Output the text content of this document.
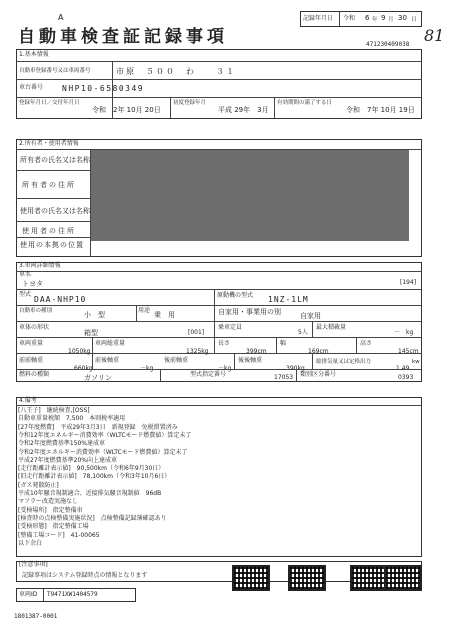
A
自動車検査証記録事項
記録年月日 令和 6 年 9 月 30 日
81
471230409038
1.基本情報
自動車登録番号又は車両番号	市原　５００　わ　　３１
車台番号 NHP10-6580349
登録年月日／交付年月日
令和　2年 10月 20日
初度登録年月
平成 29年　3月
有効期間の満了する日
令和　7年 10月 19日
2.所有者・使用者情報
所有者の氏名又は名称
所有者の住所
使用者の氏名又は名称
使用者の住所
使用の本拠の位置
3.車両詳細情報
車名
トヨタ	[194]
型式
DAA-NHP10	原動機の型式 1NZ-1LM
自動車の種別	小　型
用途
乗　用	自家用・事業用の別	自家用
車体の形状
箱型	[001]
乗車定員
5人
最大積載量
－　kg
車両重量
1050kg
車両総重量
1325kg
長さ
399cm
幅
169cm
高さ
145cm
前前軸重
660kg
前後軸重
－kg
後前軸重
－kg
後後軸重
390kg
総排気量又は定格出力
1.49
kw
燃料の種類	ガソリン	型式指定番号	17053 類別区分番号	0393
4.備考
[八王子]　継続検査,[OSS]
自動車重量税額　7,500　本則税率適用
[27年度燃費]　平成29年3月3日　新規登録　免税措置済み
令和12年度エネルギー消費効率（WLTCモード燃費値）算定未了
令和2年度燃費基準150%達成車
令和2年度エネルギー消費効率（WLTCモード燃費値）算定未了
平成27年度燃費基準20%向上達成車
[走行距離計表示値]　90,500km（令和6年9月30日）
[旧走行距離計表示値]　78,100km（令和3年10月6日）
[ガス発散防止]
平成10年騒音規制適合、近接排気騒音規制値　96dB
マフラー改造実施なし
[受検場所]　指定整備車
[検査時の点検整備実施状況]　点検整備記録簿確認あり
[受検形態]　指定整備工場
[整備工場コード]　41-00065
以下余白
[注意事項]
記録事項はシステム登録時点の情報となります
車両ID T9471XW1404579
1801387-0001
